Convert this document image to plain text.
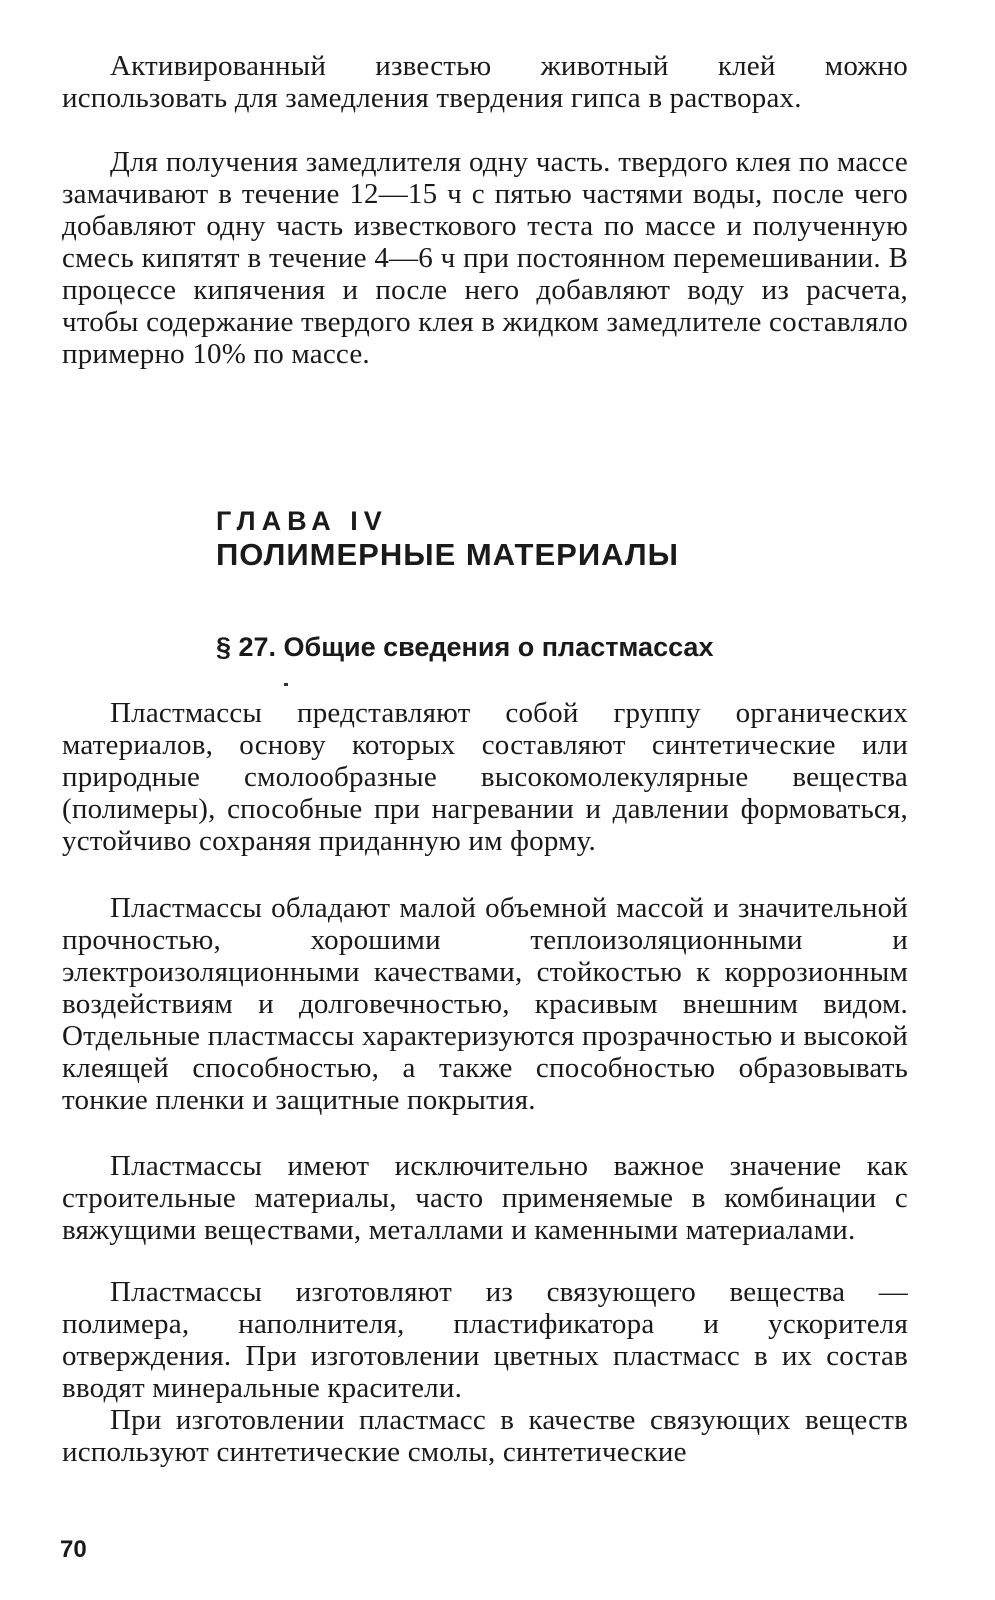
Активированный известью животный клей можно использовать для замедления твердения гипса в растворах.

Для получения замедлителя одну часть. твердого клея по массе замачивают в течение 12—15 ч с пятью частями воды, после чего добавляют одну часть известкового теста по массе и полученную смесь кипятят в течение 4—6 ч при постоянном перемешивании. В процессе кипячения и после него добавляют воду из расчета, чтобы содержание твердого клея в жидком замедлителе составляло примерно 10% по массе.

ГЛАВА IV
ПОЛИМЕРНЫЕ МАТЕРИАЛЫ
§ 27. Общие сведения о пластмассах

Пластмассы представляют собой группу органических материалов, основу которых составляют синтетические или природные смолообразные высокомолекулярные вещества (полимеры), способные при нагревании и давлении формоваться, устойчиво сохраняя приданную им форму.

Пластмассы обладают малой объемной массой и значительной прочностью, хорошими теплоизоляционными и электроизоляционными качествами, стойкостью к коррозионным воздействиям и долговечностью, красивым внешним видом. Отдельные пластмассы характеризуются прозрачностью и высокой клеящей способностью, а также способностью образовывать тонкие пленки и защитные покрытия.

Пластмассы имеют исключительно важное значение как строительные материалы, часто применяемые в комбинации с вяжущими веществами, металлами и каменными материалами.

Пластмассы изготовляют из связующего вещества — полимера, наполнителя, пластификатора и ускорителя отверждения. При изготовлении цветных пластмасс в их состав вводят минеральные красители.

При изготовлении пластмасс в качестве связующих веществ используют синтетические смолы, синтетические

70
